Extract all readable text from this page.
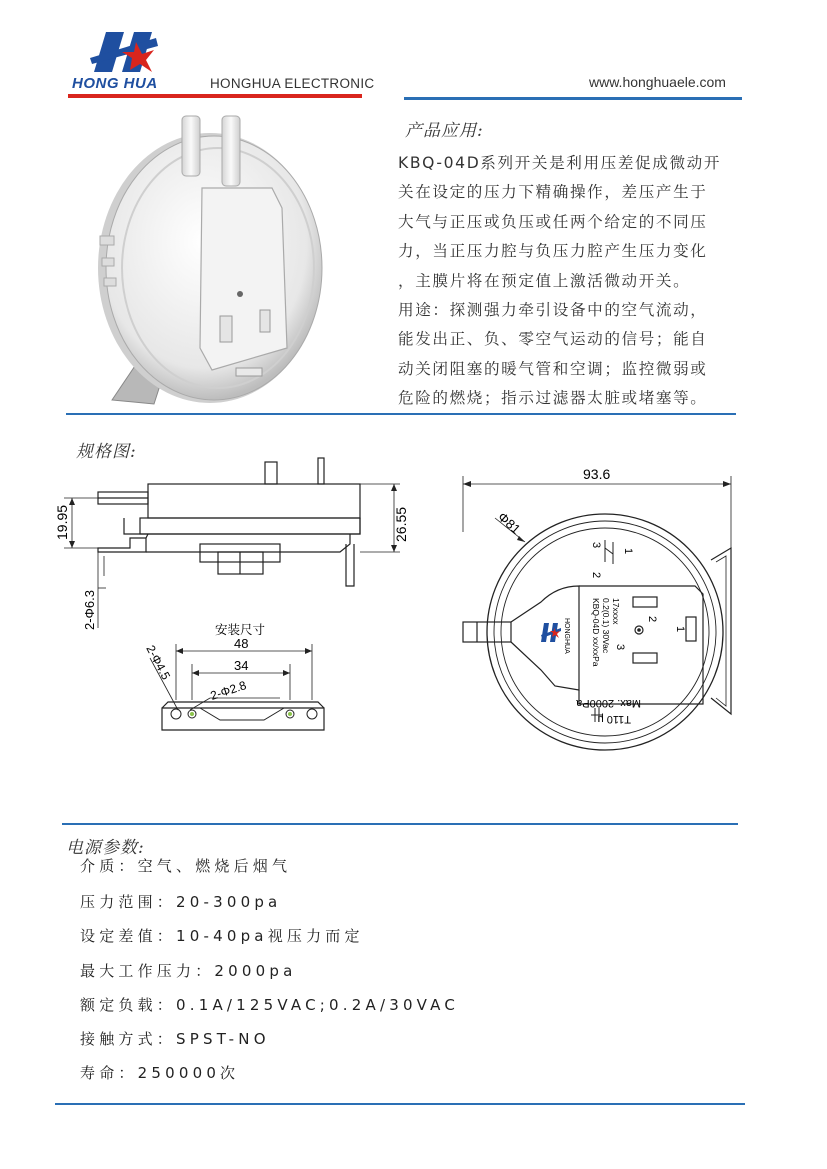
HONG HUA	HONGHUA ELECTRONIC	www.honghuaele.com
产品应用:
KBQ-04D系列开关是利用压差促成微动开
关在设定的压力下精确操作，差压产生于
大气与正压或负压或任两个给定的不同压
力，当正压力腔与负压力腔产生压力变化
，主膜片将在预定值上激活微动开关。
用途：探测强力牵引设备中的空气流动，
能发出正、负、零空气运动的信号；能自
动关闭阻塞的暖气管和空调；监控微弱或
危险的燃烧；指示过滤器太脏或堵塞等。
规格图:
19.95	26.55
2-Φ6.3	安装尺寸
48
34
2-Φ4.5
2-Φ2.8
93.6
Φ81
1
2
3
1
2
3
HONGHUA KBQ-04D xx/xxPa 0.2(0.1) 30Vac 17xxxx
Max. 2000Pa
T110 μ
电源参数:
介质：空气、燃烧后烟气
压力范围：20-300pa
设定差值：10-40pa视压力而定
最大工作压力：2000pa
额定负载：0.1A/125VAC;0.2A/30VAC
接触方式：SPST-NO
寿命：250000次
